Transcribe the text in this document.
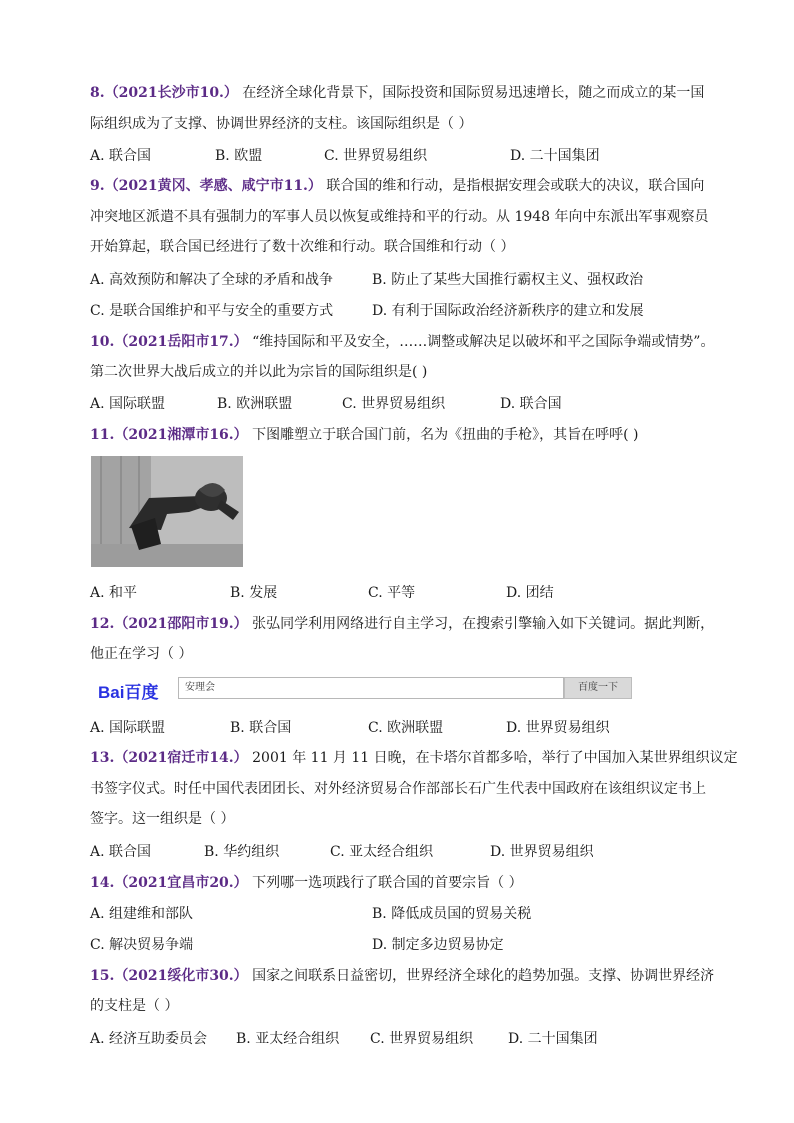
8.（2021长沙市10.） 在经济全球化背景下，国际投资和国际贸易迅速增长，随之而成立的某一国
际组织成为了支撑、协调世界经济的支柱。该国际组织是（ ）
A. 联合国	B. 欧盟	C. 世界贸易组织	D. 二十国集团
9.（2021黄冈、孝感、咸宁市11.） 联合国的维和行动，是指根据安理会或联大的决议，联合国向
冲突地区派遣不具有强制力的军事人员以恢复或维持和平的行动。从 1948 年向中东派出军事观察员
开始算起，联合国已经进行了数十次维和行动。联合国维和行动（ ）
A. 高效预防和解决了全球的矛盾和战争	B. 防止了某些大国推行霸权主义、强权政治
C. 是联合国维护和平与安全的重要方式	D. 有利于国际政治经济新秩序的建立和发展
10.（2021岳阳市17.） “维持国际和平及安全，……调整或解决足以破坏和平之国际争端或情势”。
第二次世界大战后成立的并以此为宗旨的国际组织是( )
A. 国际联盟	B. 欧洲联盟	C. 世界贸易组织	D. 联合国
11.（2021湘潭市16.） 下图雕塑立于联合国门前，名为《扭曲的手枪》，其旨在呼呼( )
A. 和平	B. 发展	C. 平等	D. 团结
12.（2021邵阳市19.） 张弘同学利用网络进行自主学习，在搜索引擎输入如下关键词。据此判断，
他正在学习（ ）
Bai百度	安理会	百度一下
A. 国际联盟	B. 联合国	C. 欧洲联盟	D. 世界贸易组织
13.（2021宿迁市14.） 2001 年 11 月 11 日晚，在卡塔尔首都多哈，举行了中国加入某世界组织议定
书签字仪式。时任中国代表团团长、对外经济贸易合作部部长石广生代表中国政府在该组织议定书上
签字。这一组织是（ ）
A. 联合国	B. 华约组织	C. 亚太经合组织	D. 世界贸易组织
14.（2021宜昌市20.） 下列哪一选项践行了联合国的首要宗旨（ ）
A. 组建维和部队	B. 降低成员国的贸易关税
C. 解决贸易争端	D. 制定多边贸易协定
15.（2021绥化市30.） 国家之间联系日益密切，世界经济全球化的趋势加强。支撑、协调世界经济
的支柱是（ ）
A. 经济互助委员会 B. 亚太经合组织 C. 世界贸易组织 D. 二十国集团
